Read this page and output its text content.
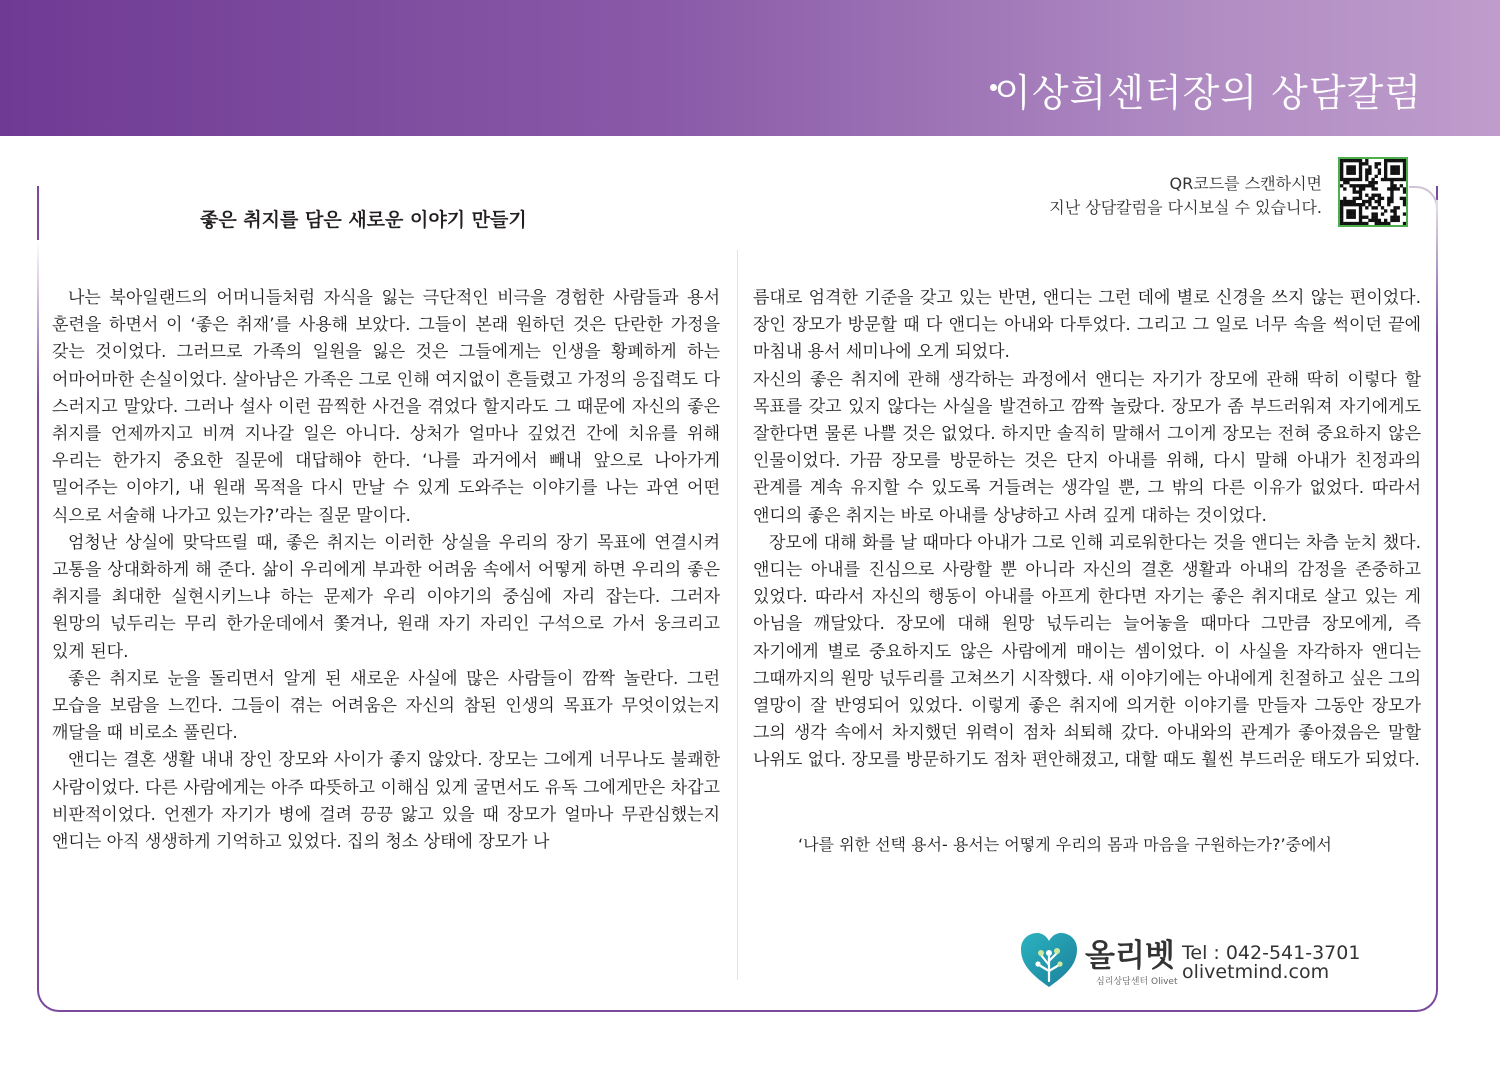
이상희센터장의 상담칼럼
좋은 취지를 담은 새로운 이야기 만들기
QR코드를 스캔하시면
지난 상담칼럼을 다시보실 수 있습니다.

나는 북아일랜드의 어머니들처럼 자식을 잃는 극단적인 비극을 경험한 사람들과 용서 훈련을 하면서 이 ‘좋은 취재’를 사용해 보았다. 그들이 본래 원하던 것은 단란한 가정을 갖는 것이었다. 그러므로 가족의 일원을 잃은 것은 그들에게는 인생을 황폐하게 하는 어마어마한 손실이었다. 살아남은 가족은 그로 인해 여지없이 흔들렸고 가정의 응집력도 다 스러지고 말았다. 그러나 설사 이런 끔찍한 사건을 겪었다 할지라도 그 때문에 자신의 좋은 취지를 언제까지고 비껴 지나갈 일은 아니다. 상처가 얼마나 깊었건 간에 치유를 위해 우리는 한가지 중요한 질문에 대답해야 한다. ‘나를 과거에서 빼내 앞으로 나아가게 밀어주는 이야기, 내 원래 목적을 다시 만날 수 있게 도와주는 이야기를 나는 과연 어떤 식으로 서술해 나가고 있는가?’라는 질문 말이다.

엄청난 상실에 맞닥뜨릴 때, 좋은 취지는 이러한 상실을 우리의 장기 목표에 연결시켜 고통을 상대화하게 해 준다. 삶이 우리에게 부과한 어려움 속에서 어떻게 하면 우리의 좋은 취지를 최대한 실현시키느냐 하는 문제가 우리 이야기의 중심에 자리 잡는다. 그러자 원망의 넋두리는 무리 한가운데에서 쫓겨나, 원래 자기 자리인 구석으로 가서 웅크리고 있게 된다.

좋은 취지로 눈을 돌리면서 알게 된 새로운 사실에 많은 사람들이 깜짝 놀란다. 그런 모습을 보람을 느낀다. 그들이 겪는 어려움은 자신의 참된 인생의 목표가 무엇이었는지 깨달을 때 비로소 풀린다.

앤디는 결혼 생활 내내 장인 장모와 사이가 좋지 않았다. 장모는 그에게 너무나도 불쾌한 사람이었다. 다른 사람에게는 아주 따뜻하고 이해심 있게 굴면서도 유독 그에게만은 차갑고 비판적이었다. 언젠가 자기가 병에 걸려 끙끙 앓고 있을 때 장모가 얼마나 무관심했는지 앤디는 아직 생생하게 기억하고 있었다. 집의 청소 상태에 장모가 나

름대로 엄격한 기준을 갖고 있는 반면, 앤디는 그런 데에 별로 신경을 쓰지 않는 편이었다. 장인 장모가 방문할 때 다 앤디는 아내와 다투었다. 그리고 그 일로 너무 속을 썩이던 끝에 마침내 용서 세미나에 오게 되었다.

자신의 좋은 취지에 관해 생각하는 과정에서 앤디는 자기가 장모에 관해 딱히 이렇다 할 목표를 갖고 있지 않다는 사실을 발견하고 깜짝 놀랐다. 장모가 좀 부드러워져 자기에게도 잘한다면 물론 나쁠 것은 없었다. 하지만 솔직히 말해서 그이게 장모는 전혀 중요하지 않은 인물이었다. 가끔 장모를 방문하는 것은 단지 아내를 위해, 다시 말해 아내가 친정과의 관계를 계속 유지할 수 있도록 거들려는 생각일 뿐, 그 밖의 다른 이유가 없었다. 따라서 앤디의 좋은 취지는 바로 아내를 상냥하고 사려 깊게 대하는 것이었다.

장모에 대해 화를 날 때마다 아내가 그로 인해 괴로워한다는 것을 앤디는 차츰 눈치 챘다. 앤디는 아내를 진심으로 사랑할 뿐 아니라 자신의 결혼 생활과 아내의 감정을 존중하고 있었다. 따라서 자신의 행동이 아내를 아프게 한다면 자기는 좋은 취지대로 살고 있는 게 아님을 깨달았다. 장모에 대해 원망 넋두리는 늘어놓을 때마다 그만큼 장모에게, 즉 자기에게 별로 중요하지도 않은 사람에게 매이는 셈이었다. 이 사실을 자각하자 앤디는 그때까지의 원망 넋두리를 고쳐쓰기 시작했다. 새 이야기에는 아내에게 친절하고 싶은 그의 열망이 잘 반영되어 있었다. 이렇게 좋은 취지에 의거한 이야기를 만들자 그동안 장모가 그의 생각 속에서 차지했던 위력이 점차 쇠퇴해 갔다. 아내와의 관계가 좋아졌음은 말할 나위도 없다. 장모를 방문하기도 점차 편안해졌고, 대할 때도 훨씬 부드러운 태도가 되었다.

‘나를 위한 선택 용서- 용서는 어떻게 우리의 몸과 마음을 구원하는가?’중에서
올리벳
심리상담센터 Olivet
Tel : 042-541-3701
olivetmind.com
